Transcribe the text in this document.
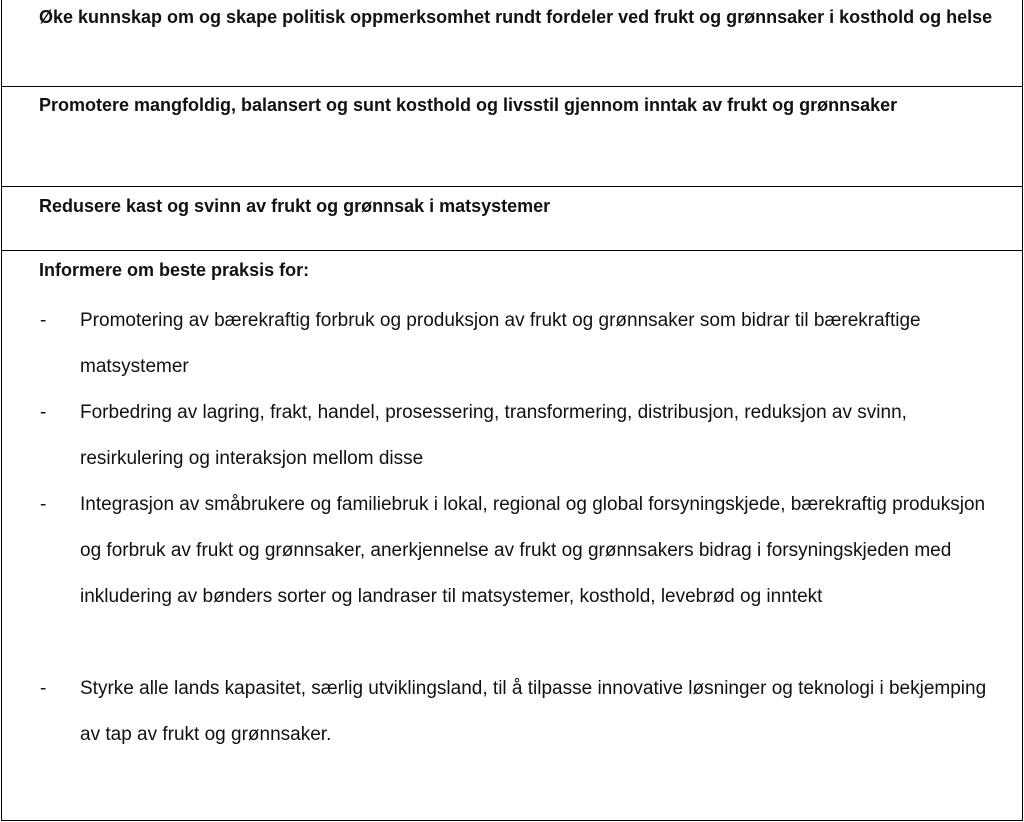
Øke kunnskap om og skape politisk oppmerksomhet rundt fordeler ved frukt og grønnsaker i kosthold og helse

Promotere mangfoldig, balansert og sunt kosthold og livsstil gjennom inntak av frukt og grønnsaker

Redusere kast og svinn av frukt og grønnsak i matsystemer

Informere om beste praksis for:

- Promotering av bærekraftig forbruk og produksjon av frukt og grønnsaker som bidrar til bærekraftige matsystemer

- Forbedring av lagring, frakt, handel, prosessering, transformering, distribusjon, reduksjon av svinn, resirkulering og interaksjon mellom disse

- Integrasjon av småbrukere og familiebruk i lokal, regional og global forsyningskjede, bærekraftig produksjon og forbruk av frukt og grønnsaker, anerkjennelse av frukt og grønnsakers bidrag i forsyningskjeden med inkludering av bønders sorter og landraser til matsystemer, kosthold, levebrød og inntekt

- Styrke alle lands kapasitet, særlig utviklingsland, til å tilpasse innovative løsninger og teknologi i bekjemping av tap av frukt og grønnsaker.
